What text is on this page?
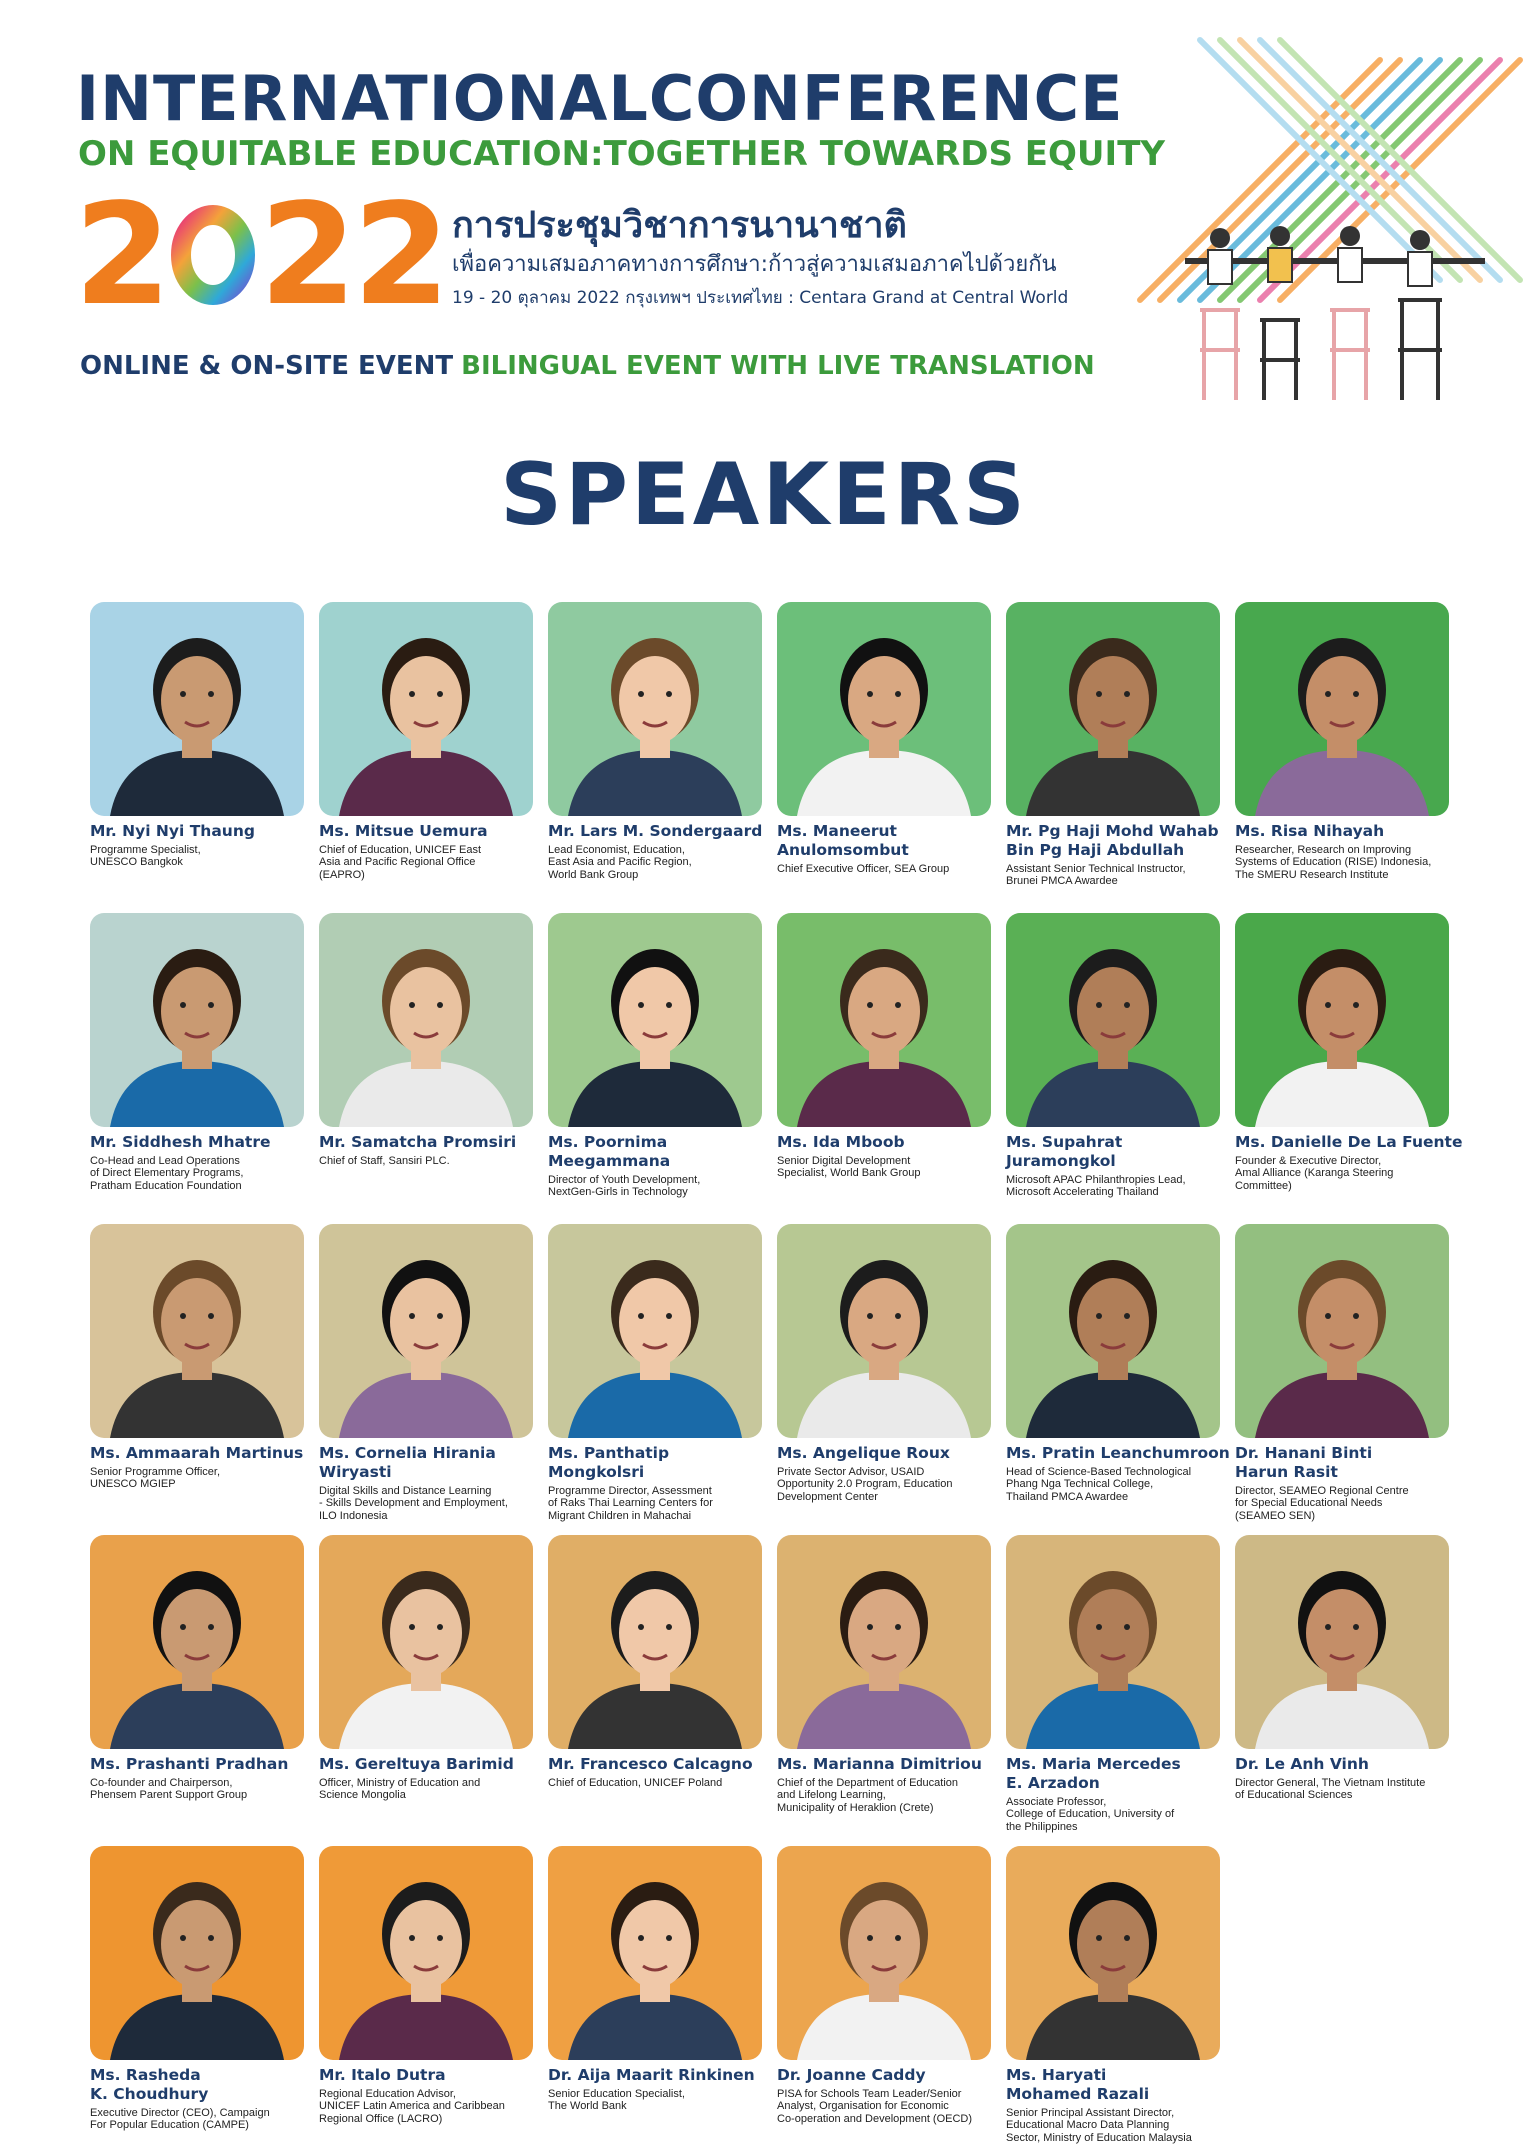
INTERNATIONALCONFERENCE
ON EQUITABLE EDUCATION:TOGETHER TOWARDS EQUITY
2 22 การประชุมวิชาการนานาชาติ
เพื่อความเสมอภาคทางการศึกษา:ก้าวสู่ความเสมอภาคไปด้วยกัน
19 - 20 ตุลาคม 2022 กรุงเทพฯ ประเทศไทย : Centara Grand at Central World
ONLINE & ON-SITE EVENT BILINGUAL EVENT WITH LIVE TRANSLATION
SPEAKERS
Mr. Nyi Nyi Thaung
Programme Specialist,
UNESCO Bangkok
Ms. Mitsue Uemura
Chief of Education, UNICEF East
Asia and Pacific Regional Office
(EAPRO)
Mr. Lars M. Sondergaard
Lead Economist, Education,
East Asia and Pacific Region,
World Bank Group
Ms. Maneerut
Anulomsombut
Chief Executive Officer, SEA Group
Mr. Pg Haji Mohd Wahab
Bin Pg Haji Abdullah
Assistant Senior Technical Instructor,
Brunei PMCA Awardee
Ms. Risa Nihayah
Researcher, Research on Improving
Systems of Education (RISE) Indonesia,
The SMERU Research Institute
Mr. Siddhesh Mhatre
Co-Head and Lead Operations
of Direct Elementary Programs,
Pratham Education Foundation
Mr. Samatcha Promsiri
Chief of Staff, Sansiri PLC.
Ms. Poornima
Meegammana
Director of Youth Development,
NextGen-Girls in Technology
Ms. Ida Mboob
Senior Digital Development
Specialist, World Bank Group
Ms. Supahrat
Juramongkol
Microsoft APAC Philanthropies Lead,
Microsoft Accelerating Thailand
Ms. Danielle De La Fuente
Founder & Executive Director,
Amal Alliance (Karanga Steering
Committee)
Ms. Ammaarah Martinus
Senior Programme Officer,
UNESCO MGIEP
Ms. Cornelia Hirania
Wiryasti
Digital Skills and Distance Learning
- Skills Development and Employment,
ILO Indonesia
Ms. Panthatip
Mongkolsri
Programme Director, Assessment
of Raks Thai Learning Centers for
Migrant Children in Mahachai
Ms. Angelique Roux
Private Sector Advisor, USAID
Opportunity 2.0 Program, Education
Development Center
Ms. Pratin Leanchumroon
Head of Science-Based Technological
Phang Nga Technical College,
Thailand PMCA Awardee
Dr. Hanani Binti
Harun Rasit
Director, SEAMEO Regional Centre
for Special Educational Needs
(SEAMEO SEN)
Ms. Prashanti Pradhan
Co-founder and Chairperson,
Phensem Parent Support Group
Ms. Gereltuya Barimid
Officer, Ministry of Education and
Science Mongolia
Mr. Francesco Calcagno
Chief of Education, UNICEF Poland
Ms. Marianna Dimitriou
Chief of the Department of Education
and Lifelong Learning,
Municipality of Heraklion (Crete)
Ms. Maria Mercedes
E. Arzadon
Associate Professor,
College of Education, University of
the Philippines
Dr. Le Anh Vinh
Director General, The Vietnam Institute
of Educational Sciences
Ms. Rasheda
K. Choudhury
Executive Director (CEO), Campaign
For Popular Education (CAMPE)
Mr. Italo Dutra
Regional Education Advisor,
UNICEF Latin America and Caribbean
Regional Office (LACRO)
Dr. Aija Maarit Rinkinen
Senior Education Specialist,
The World Bank
Dr. Joanne Caddy
PISA for Schools Team Leader/Senior
Analyst, Organisation for Economic
Co-operation and Development (OECD)
Ms. Haryati
Mohamed Razali
Senior Principal Assistant Director,
Educational Macro Data Planning
Sector, Ministry of Education Malaysia
